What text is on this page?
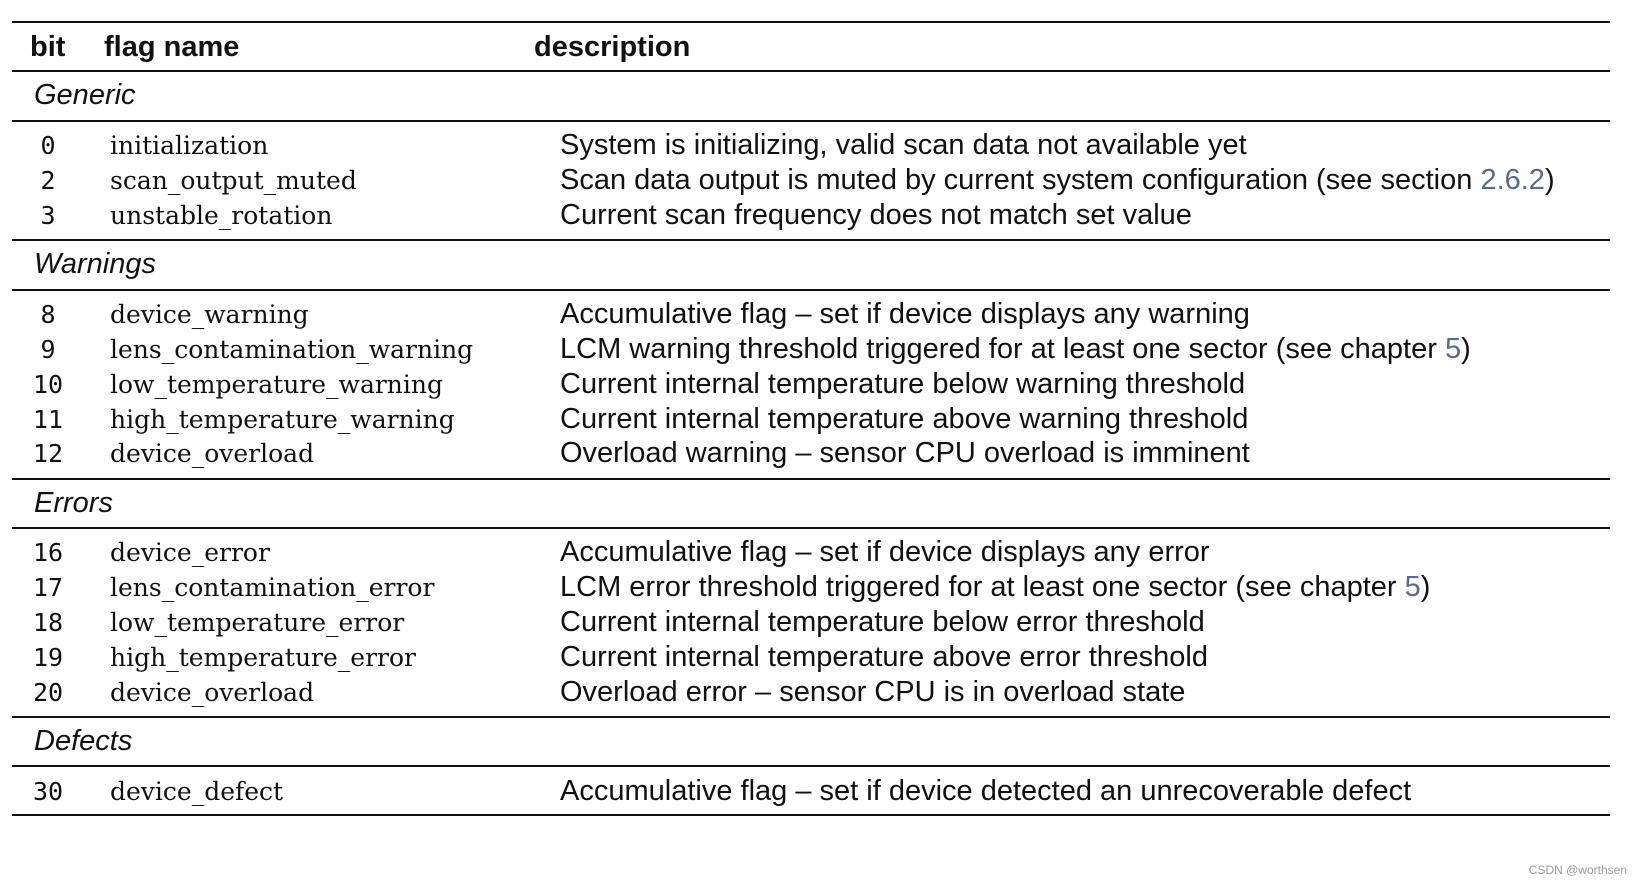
bit flag name	description
Generic
0	initialization	System is initializing, valid scan data not available yet
2	scan_output_muted	Scan data output is muted by current system configuration (see section 2.6.2)
3	unstable_rotation	Current scan frequency does not match set value
Warnings
8	device_warning	Accumulative flag – set if device displays any warning
9	lens_contamination_warning	LCM warning threshold triggered for at least one sector (see chapter 5)
10	low_temperature_warning	Current internal temperature below warning threshold
11	high_temperature_warning	Current internal temperature above warning threshold
12	device_overload	Overload warning – sensor CPU overload is imminent
Errors
16	device_error	Accumulative flag – set if device displays any error
17	lens_contamination_error	LCM error threshold triggered for at least one sector (see chapter 5)
18	low_temperature_error	Current internal temperature below error threshold
19	high_temperature_error	Current internal temperature above error threshold
20	device_overload	Overload error – sensor CPU is in overload state
Defects
30	device_defect	Accumulative flag – set if device detected an unrecoverable defect
CSDN @worthsen
